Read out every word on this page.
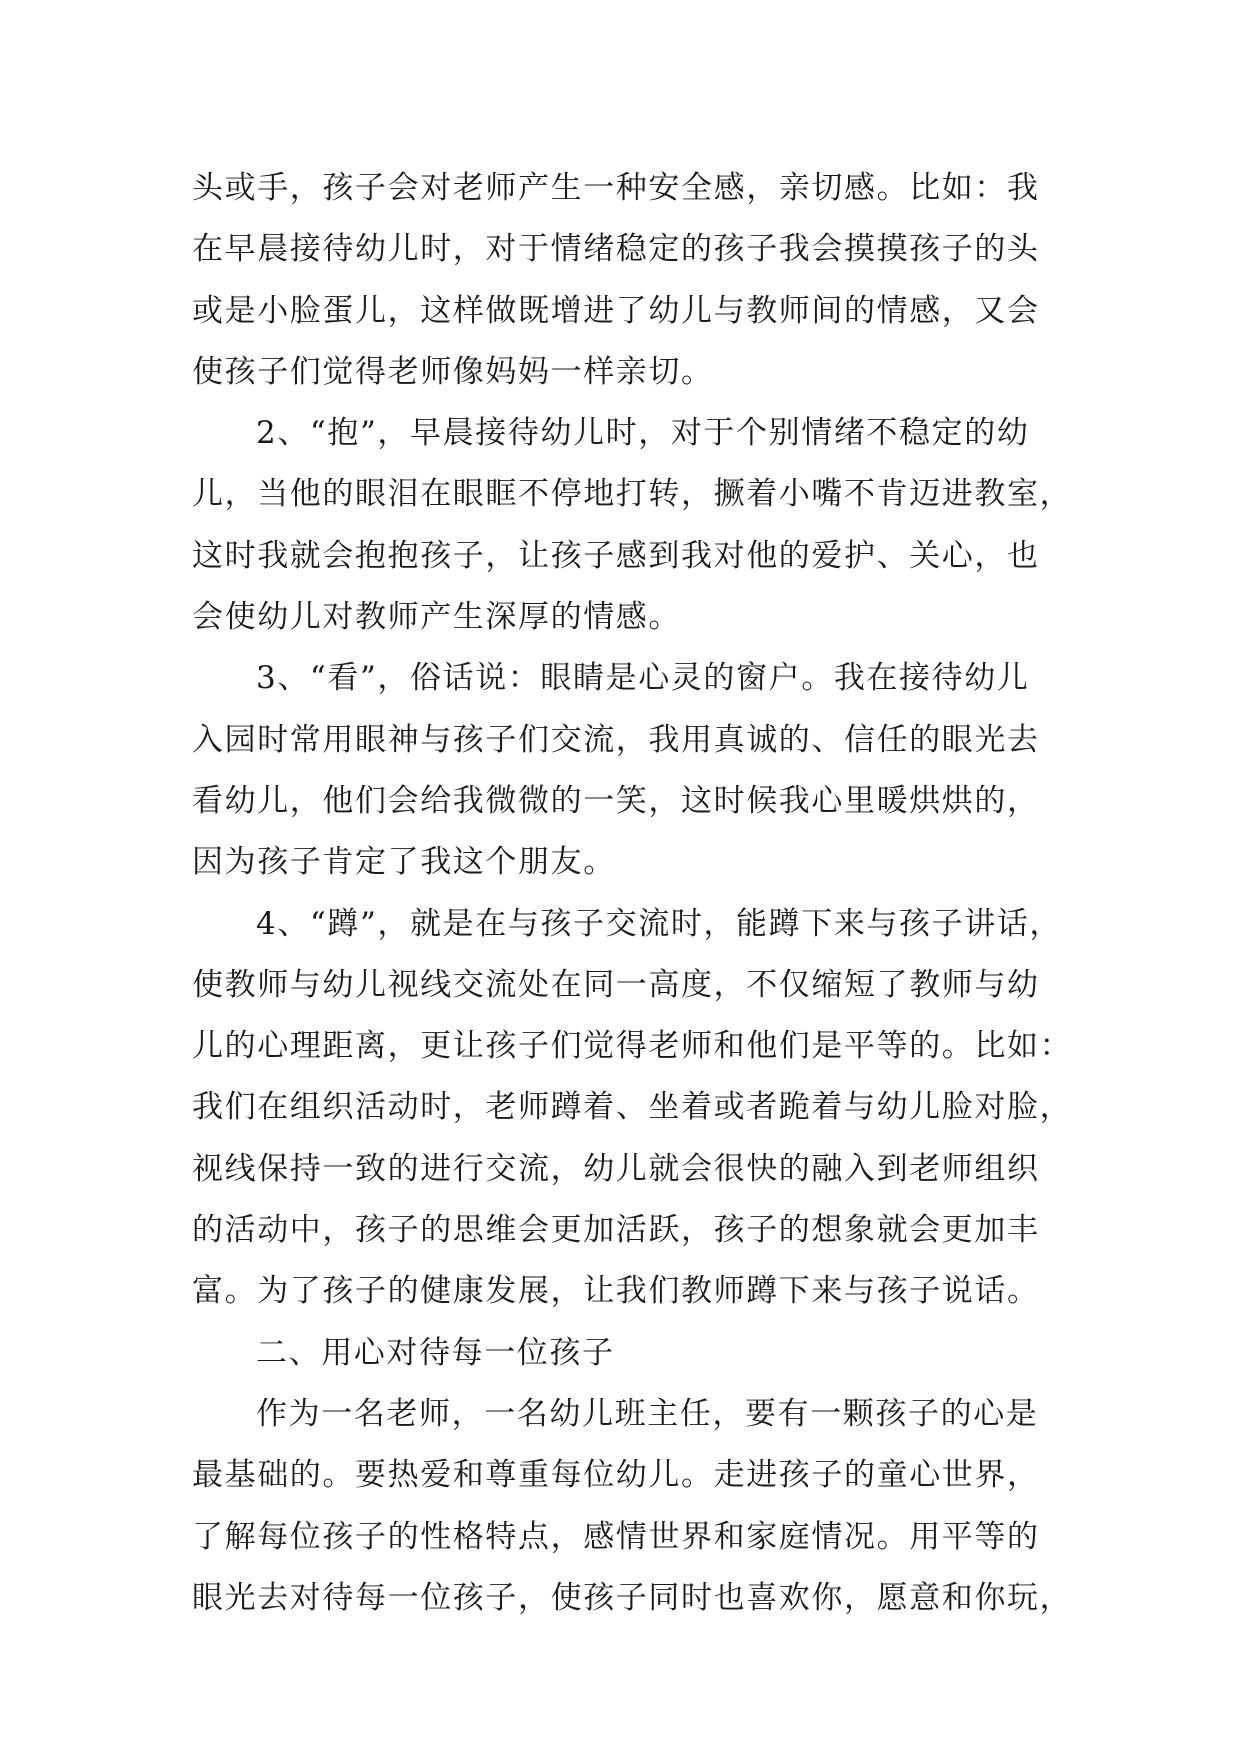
头或手，孩子会对老师产生一种安全感，亲切感。比如：我
在早晨接待幼儿时，对于情绪稳定的孩子我会摸摸孩子的头
或是小脸蛋儿，这样做既增进了幼儿与教师间的情感，又会
使孩子们觉得老师像妈妈一样亲切。
2、“抱”，早晨接待幼儿时，对于个别情绪不稳定的幼
儿，当他的眼泪在眼眶不停地打转，撅着小嘴不肯迈进教室，
这时我就会抱抱孩子，让孩子感到我对他的爱护、关心，也
会使幼儿对教师产生深厚的情感。
3、“看”，俗话说：眼睛是心灵的窗户。我在接待幼儿
入园时常用眼神与孩子们交流，我用真诚的、信任的眼光去
看幼儿，他们会给我微微的一笑，这时候我心里暖烘烘的，
因为孩子肯定了我这个朋友。
4、“蹲”，就是在与孩子交流时，能蹲下来与孩子讲话，
使教师与幼儿视线交流处在同一高度，不仅缩短了教师与幼
儿的心理距离，更让孩子们觉得老师和他们是平等的。比如：
我们在组织活动时，老师蹲着、坐着或者跪着与幼儿脸对脸，
视线保持一致的进行交流，幼儿就会很快的融入到老师组织
的活动中，孩子的思维会更加活跃，孩子的想象就会更加丰
富。为了孩子的健康发展，让我们教师蹲下来与孩子说话。
二、用心对待每一位孩子
作为一名老师，一名幼儿班主任，要有一颗孩子的心是
最基础的。要热爱和尊重每位幼儿。走进孩子的童心世界，
了解每位孩子的性格特点，感情世界和家庭情况。用平等的
眼光去对待每一位孩子，使孩子同时也喜欢你，愿意和你玩，
